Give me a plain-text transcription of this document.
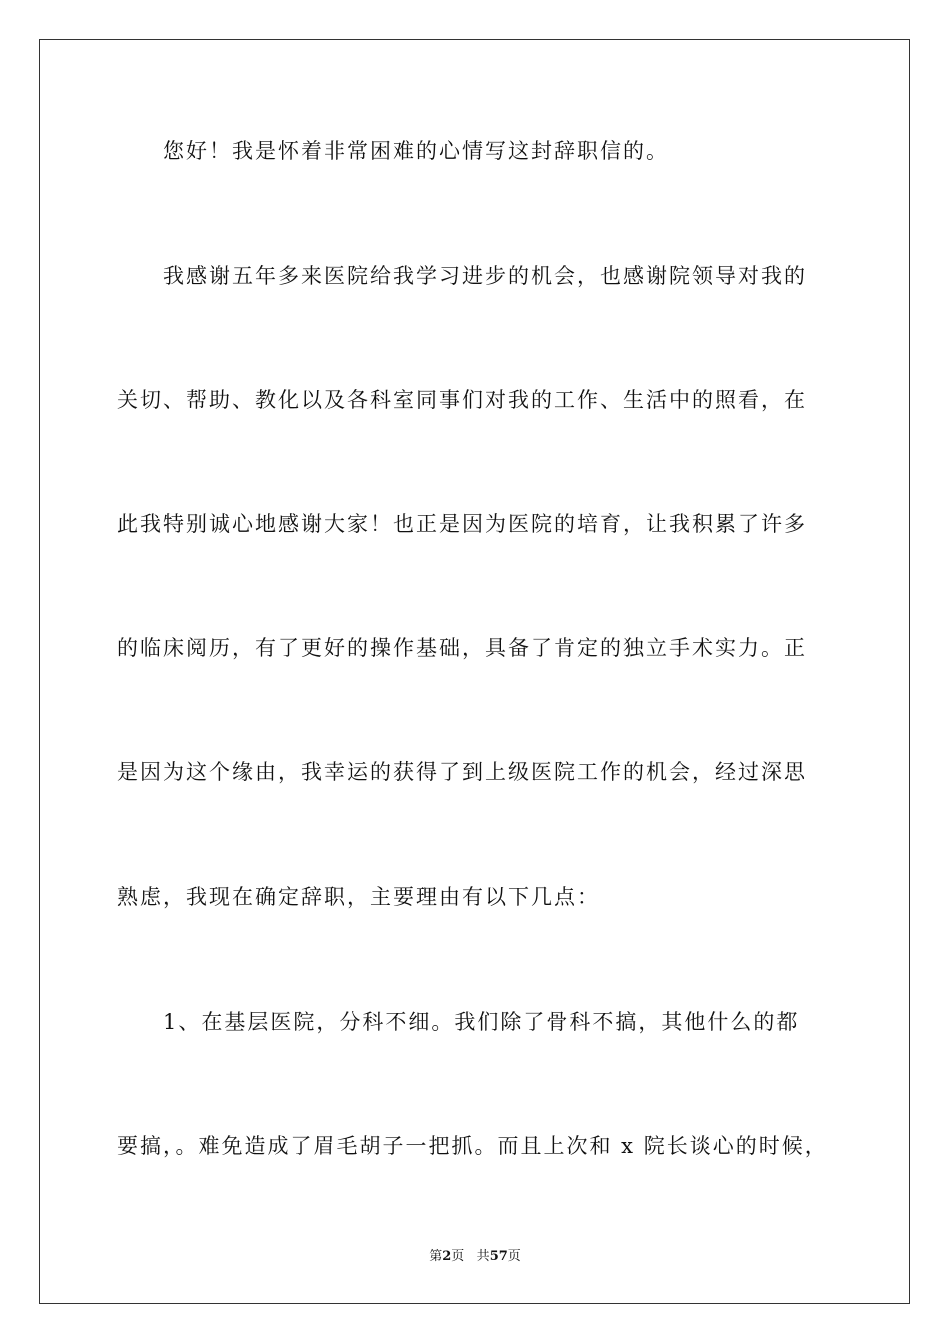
您好！我是怀着非常困难的心情写这封辞职信的。
我感谢五年多来医院给我学习进步的机会，也感谢院领导对我的
关切、帮助、教化以及各科室同事们对我的工作、生活中的照看，在
此我特别诚心地感谢大家！也正是因为医院的培育，让我积累了许多
的临床阅历，有了更好的操作基础，具备了肯定的独立手术实力。正
是因为这个缘由，我幸运的获得了到上级医院工作的机会，经过深思
熟虑，我现在确定辞职，主要理由有以下几点：
1、在基层医院，分科不细。我们除了骨科不搞，其他什么的都
要搞，。难免造成了眉毛胡子一把抓。而且上次和 x 院长谈心的时候，
第2页 共57页
